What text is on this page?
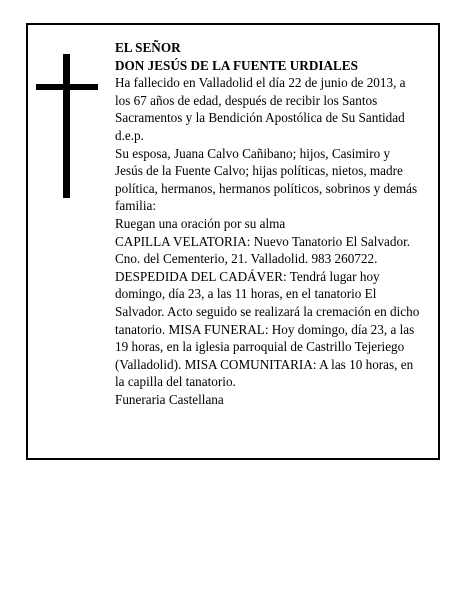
EL SEÑOR

DON JESÚS DE LA FUENTE URDIALES

Ha fallecido en Valladolid el día 22 de junio de 2013, a los 67 años de edad, después de recibir los Santos Sacramentos y la Bendición Apostólica de Su Santidad d.e.p.

Su esposa, Juana Calvo Cañibano; hijos, Casimiro y Jesús de la Fuente Calvo; hijas políticas, nietos, madre política, hermanos, hermanos políticos, sobrinos y demás familia:

Ruegan una oración por su alma

CAPILLA VELATORIA: Nuevo Tanatorio El Salvador. Cno. del Cementerio, 21. Valladolid. 983 260722.

DESPEDIDA DEL CADÁVER: Tendrá lugar hoy domingo, día 23, a las 11 horas, en el tanatorio El Salvador. Acto seguido se realizará la cremación en dicho tanatorio. MISA FUNERAL: Hoy domingo, día 23, a las 19 horas, en la iglesia parroquial de Castrillo Tejeriego (Valladolid). MISA COMUNITARIA: A las 10 horas, en la capilla del tanatorio.

Funeraria Castellana
